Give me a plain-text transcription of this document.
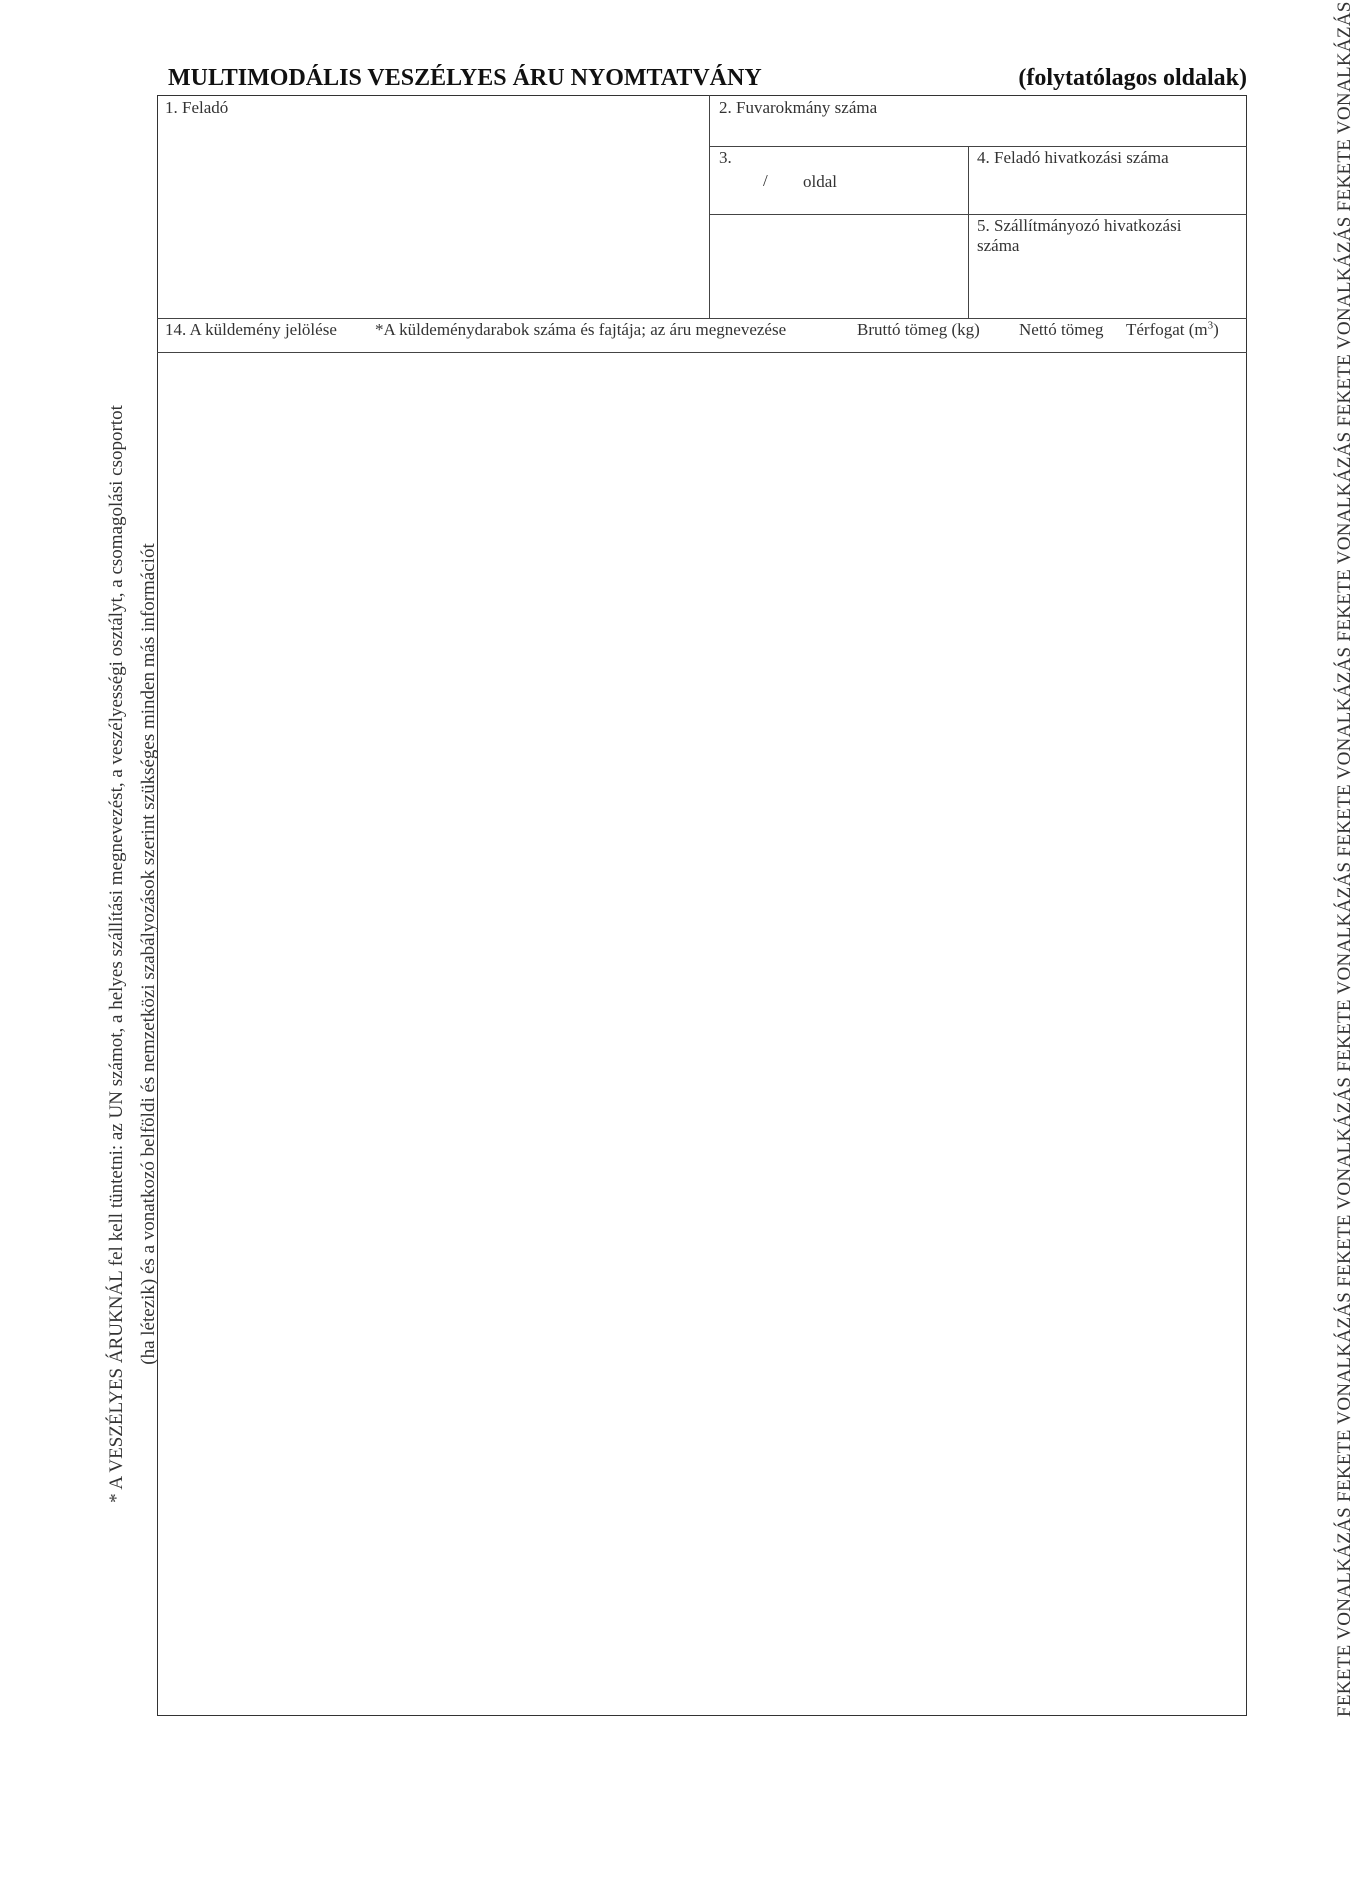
MULTIMODÁLIS VESZÉLYES ÁRU NYOMTATVÁNY	(folytatólagos oldalak)
1. Feladó	2. Fuvarokmány száma
3.
/ oldal
4. Feladó hivatkozási száma
5. Szállítmányozó hivatkozási száma
14. A küldemény jelölése *A küldeménydarabok száma és fajtája; az áru megnevezése	Bruttó tömeg (kg) Nettó tömeg Térfogat $(m^3)$
* A VESZÉLYES ÁRUKNÁL fel kell tüntetni: az UN számot, a helyes szállítási megnevezést, a veszélyességi osztályt, a csomagolási csoportot (ha létezik) és a vonatkozó belföldi és nemzetközi szabályozások szerint szükséges minden más információt	FEKETE VONALKÁZÁS FEKETE VONALKÁZÁS FEKETE VONALKÁZÁS FEKETE VONALKÁZÁS FEKETE VONALKÁZÁS FEKETE VONALKÁZÁS FEKETE VONALKÁZÁS FEKETE VONALKÁZÁS
